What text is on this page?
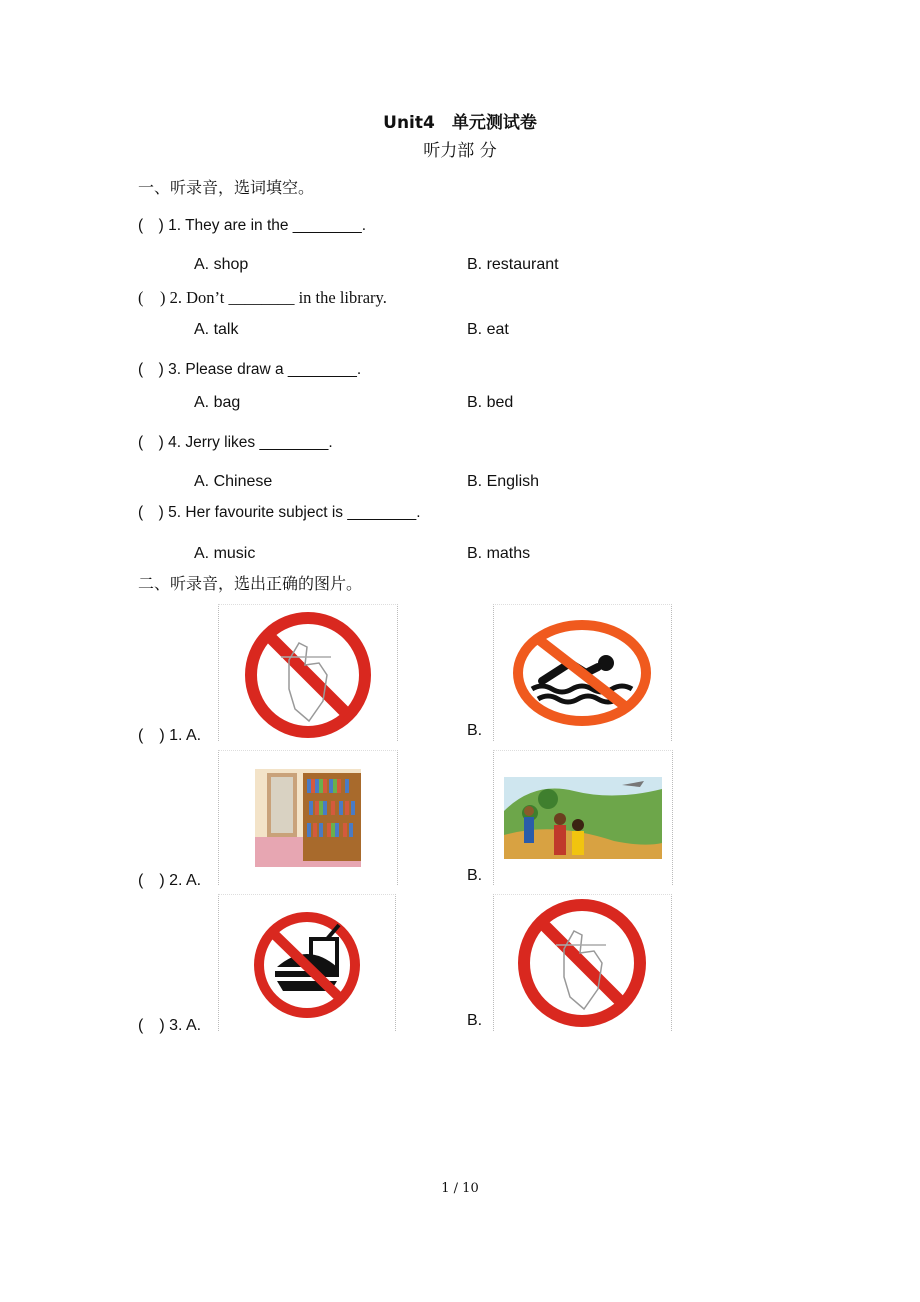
Unit4　单元测试卷
听力部 分
一、听录音，选词填空。
(　) 1. They are in the ________.
A. shop	B. restaurant
(　) 2. Don’t ________ in the library.
A. talk	B. eat
(　) 3. Please draw a ________.
A. bag	B. bed
(　) 4. Jerry likes ________.
A. Chinese	B. English
(　) 5. Her favourite subject is ________.
A. music	B. maths
二、听录音，选出正确的图片。
(　) 1. A.	B.
(　) 2. A.	B.
(　) 3. A.	B.
1 / 10
